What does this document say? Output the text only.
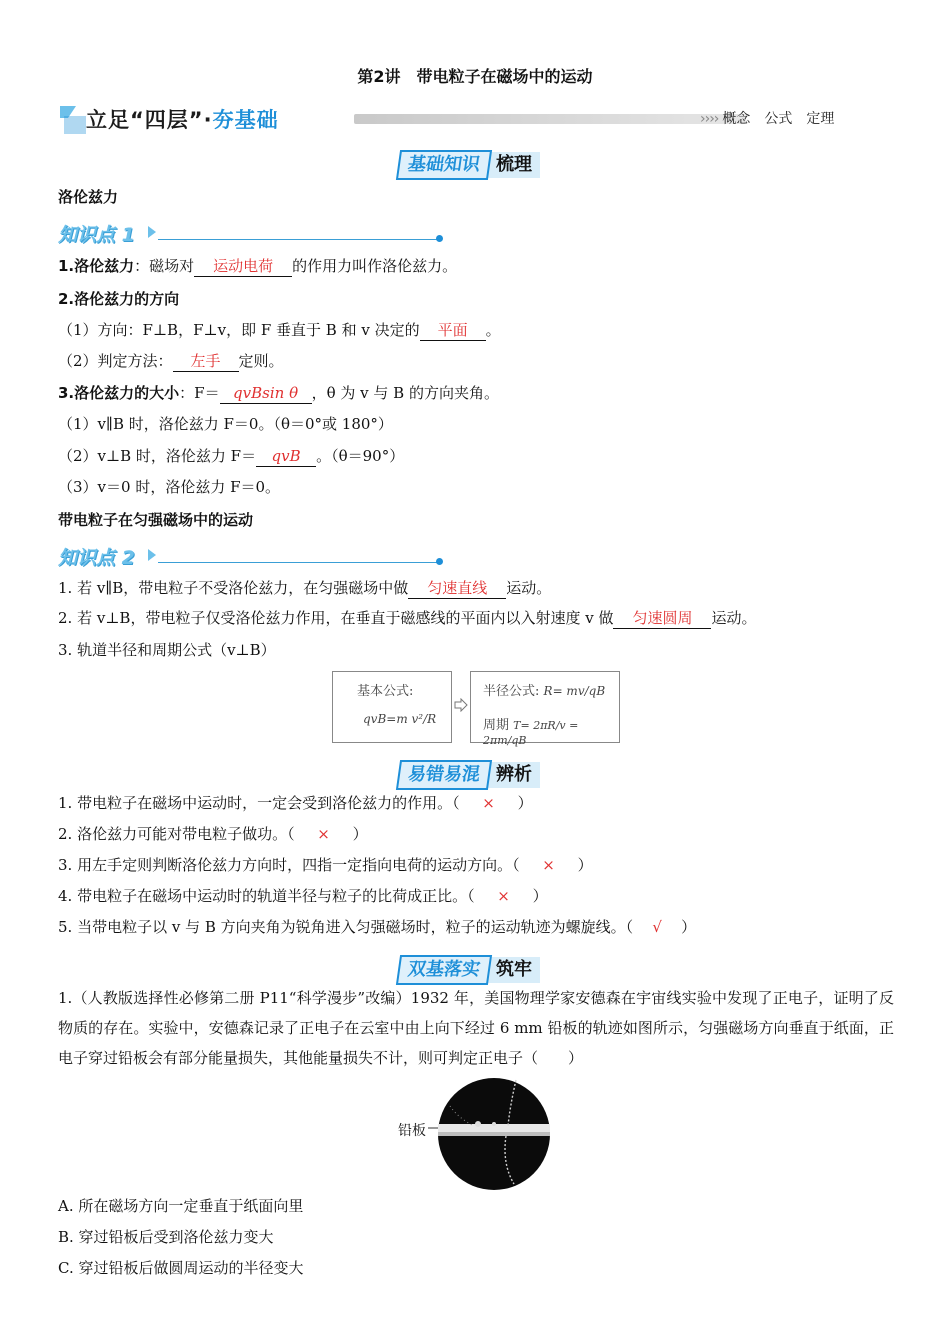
第2讲　带电粒子在磁场中的运动
立足“四层”·夯基础	›››› 概念　公式　定理
基础知识 梳理
洛伦兹力
知识点 1
1.洛伦兹力：磁场对 运动电荷 的作用力叫作洛伦兹力。
2.洛伦兹力的方向
（1）方向：F⊥B，F⊥v，即 F 垂直于 B 和 v 决定的 平面 。
（2）判定方法： 左手 定则。
3.洛伦兹力的大小：F＝ qvBsin θ ，θ 为 v 与 B 的方向夹角。
（1）v∥B 时，洛伦兹力 F＝0。（θ＝0°或 180°）
（2）v⊥B 时，洛伦兹力 F＝ qvB 。（θ＝90°）
（3）v＝0 时，洛伦兹力 F＝0。
带电粒子在匀强磁场中的运动
知识点 2
1. 若 v∥B，带电粒子不受洛伦兹力，在匀强磁场中做 匀速直线 运动。
2. 若 v⊥B，带电粒子仅受洛伦兹力作用，在垂直于磁感线的平面内以入射速度 v 做 匀速圆周 运动。
3. 轨道半径和周期公式（v⊥B）
基本公式:
qvB=m v²/R
半径公式: R= mv/qB
周期 T= 2πR/v = 2πm/qB
易错易混 辨析
1. 带电粒子在磁场中运动时，一定会受到洛伦兹力的作用。（ × ）
2. 洛伦兹力可能对带电粒子做功。（ × ）
3. 用左手定则判断洛伦兹力方向时，四指一定指向电荷的运动方向。（ × ）
4. 带电粒子在磁场中运动时的轨道半径与粒子的比荷成正比。（ × ）
5. 当带电粒子以 v 与 B 方向夹角为锐角进入匀强磁场时，粒子的运动轨迹为螺旋线。（ √ ）
双基落实 筑牢
1.（人教版选择性必修第二册 P11“科学漫步”改编）1932 年，美国物理学家安德森在宇宙线实验中发现了正电子，证明了反物质的存在。实验中，安德森记录了正电子在云室中由上向下经过 6 mm 铅板的轨迹如图所示，匀强磁场方向垂直于纸面，正电子穿过铅板会有部分能量损失，其他能量损失不计，则可判定正电子（　　）
铅板
A. 所在磁场方向一定垂直于纸面向里
B. 穿过铅板后受到洛伦兹力变大
C. 穿过铅板后做圆周运动的半径变大
